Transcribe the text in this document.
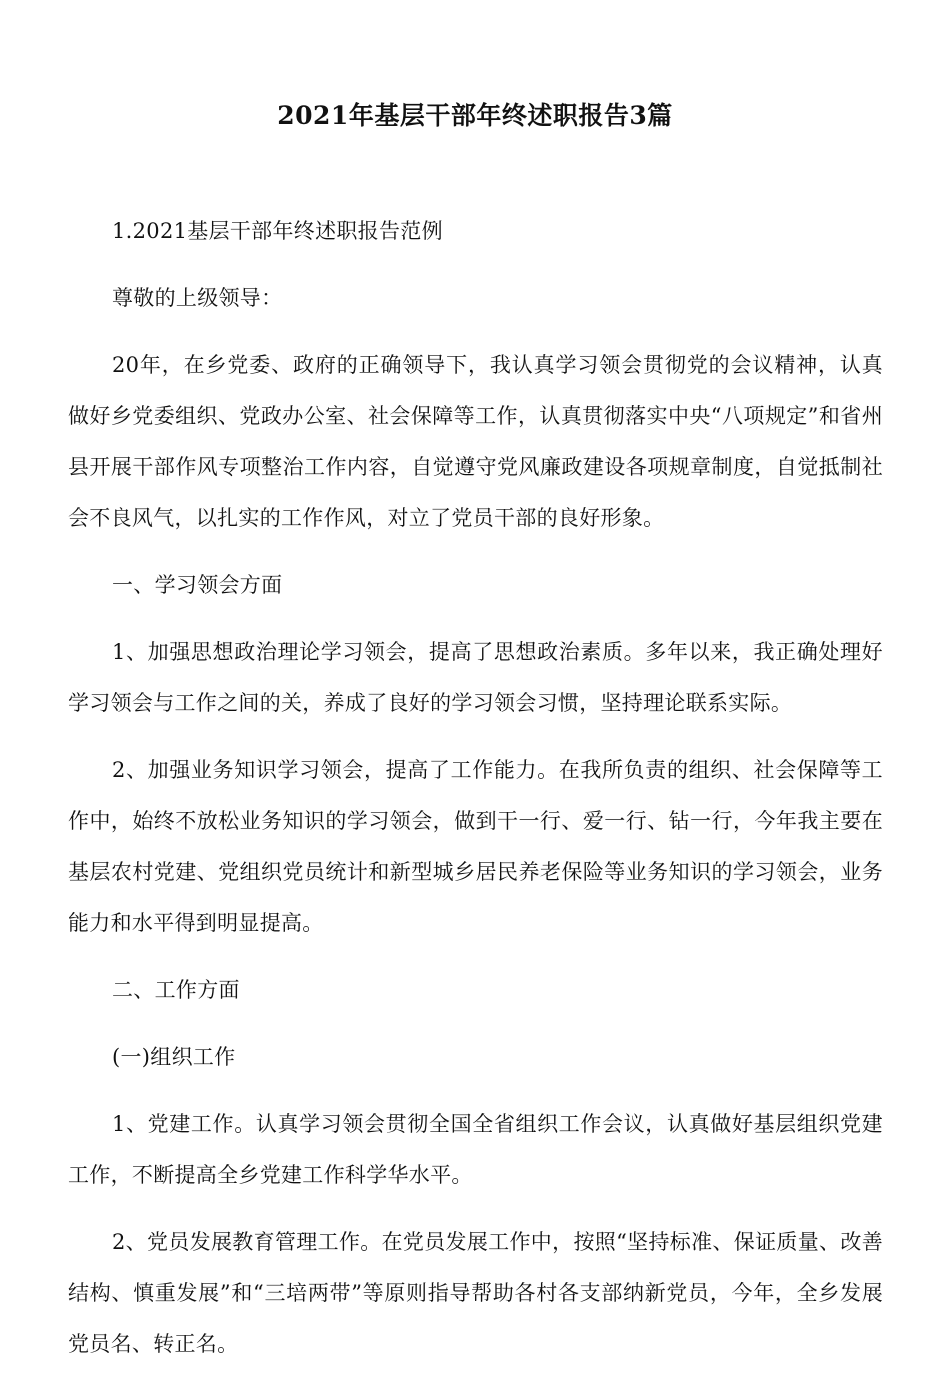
2021年基层干部年终述职报告3篇

1.2021基层干部年终述职报告范例

尊敬的上级领导：

20年，在乡党委、政府的正确领导下，我认真学习领会贯彻党的会议精神，认真做好乡党委组织、党政办公室、社会保障等工作，认真贯彻落实中央“八项规定”和省州县开展干部作风专项整治工作内容，自觉遵守党风廉政建设各项规章制度，自觉抵制社会不良风气，以扎实的工作作风，对立了党员干部的良好形象。

一、学习领会方面

1、加强思想政治理论学习领会，提高了思想政治素质。多年以来，我正确处理好学习领会与工作之间的关，养成了良好的学习领会习惯，坚持理论联系实际。

2、加强业务知识学习领会，提高了工作能力。在我所负责的组织、社会保障等工作中，始终不放松业务知识的学习领会，做到干一行、爱一行、钻一行，今年我主要在基层农村党建、党组织党员统计和新型城乡居民养老保险等业务知识的学习领会，业务能力和水平得到明显提高。

二、工作方面

(一)组织工作

1、党建工作。认真学习领会贯彻全国全省组织工作会议，认真做好基层组织党建工作，不断提高全乡党建工作科学华水平。

2、党员发展教育管理工作。在党员发展工作中，按照“坚持标准、保证质量、改善结构、慎重发展”和“三培两带”等原则指导帮助各村各支部纳新党员，今年，全乡发展党员名、转正名。
